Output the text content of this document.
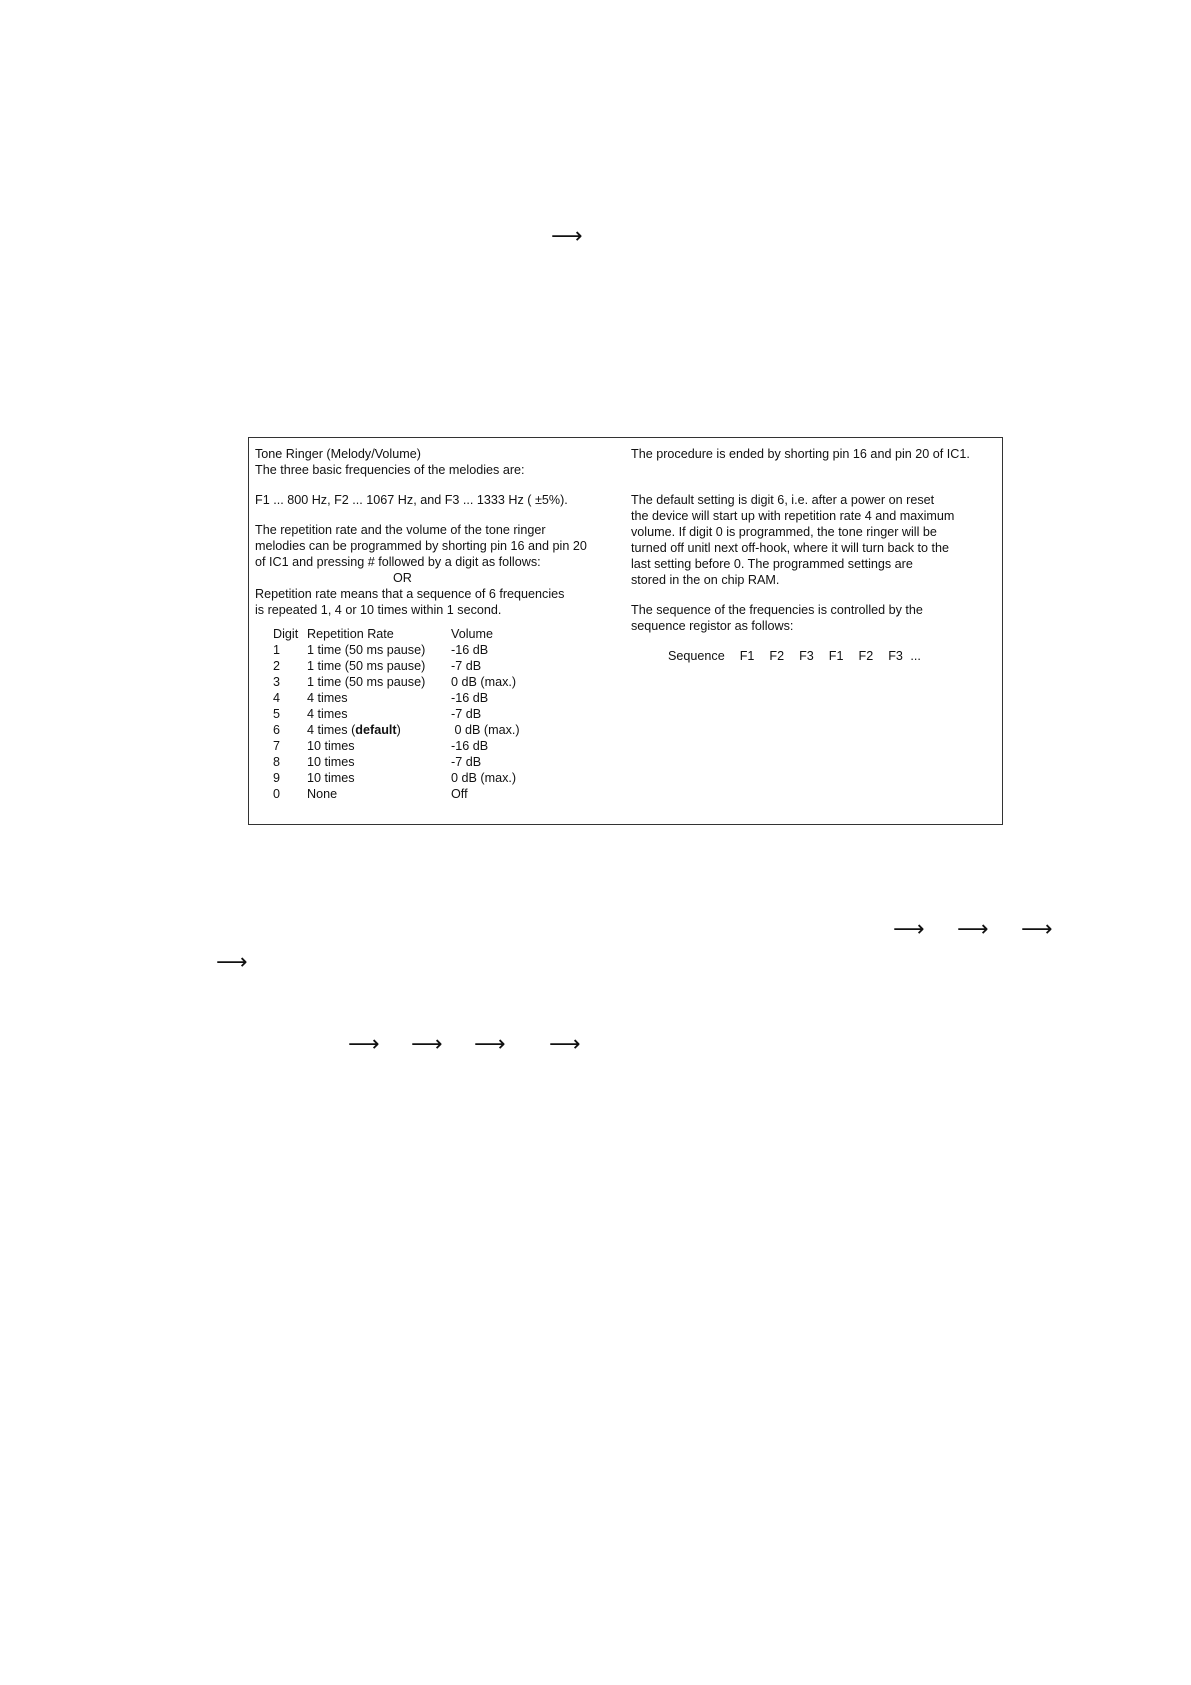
⟶
⟶ ⟶ ⟶
⟶
⟶ ⟶ ⟶ ⟶

Tone Ringer (Melody/Volume)

The three basic frequencies of the melodies are:

F1 ... 800 Hz, F2 ... 1067 Hz, and F3 ... 1333 Hz ( ±5%).

The repetition rate and the volume of the tone ringer

melodies can be programmed by shorting pin 16 and pin 20

of IC1 and pressing # followed by a digit as follows:

OR

Repetition rate means that a sequence of 6 frequencies

is repeated 1, 4 or 10 times within 1 second.

Digit	Repetition Rate	Volume
1	1 time (50 ms pause)	-16 dB
2	1 time (50 ms pause)	-7 dB
3	1 time (50 ms pause)	0 dB (max.)
4	4 times	-16 dB
5	4 times	-7 dB
6	4 times (default)	0 dB (max.)
7	10 times	-16 dB
8	10 times	-7 dB
9	10 times	0 dB (max.)
0	None	Off

The procedure is ended by shorting pin 16 and pin 20 of IC1.

The default setting is digit 6, i.e. after a power on reset

the device will start up with repetition rate 4 and maximum

volume. If digit 0 is programmed, the tone ringer will be

turned off unitl next off-hook, where it will turn back to the

last setting before 0. The programmed settings are

stored in the on chip RAM.

The sequence of the frequencies is controlled by the

sequence registor as follows:

Sequence  F1  F2  F3  F1  F2  F3 ...
